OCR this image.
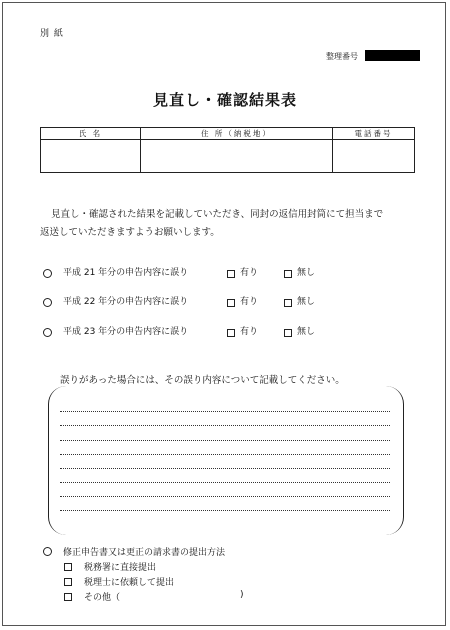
別 紙
整理番号
見直し・確認結果表
氏 名	住 所（納税地）	電話番号

見直し・確認された結果を記載していただき、同封の返信用封筒にて担当まで
返送していただきますようお願いします。
平成 21 年分の申告内容に誤り	有り	無し
平成 22 年分の申告内容に誤り	有り	無し
平成 23 年分の申告内容に誤り	有り	無し
誤りがあった場合には、その誤り内容について記載してください。
修正申告書又は更正の請求書の提出方法
税務署に直接提出
税理士に依頼して提出
その他（	)
